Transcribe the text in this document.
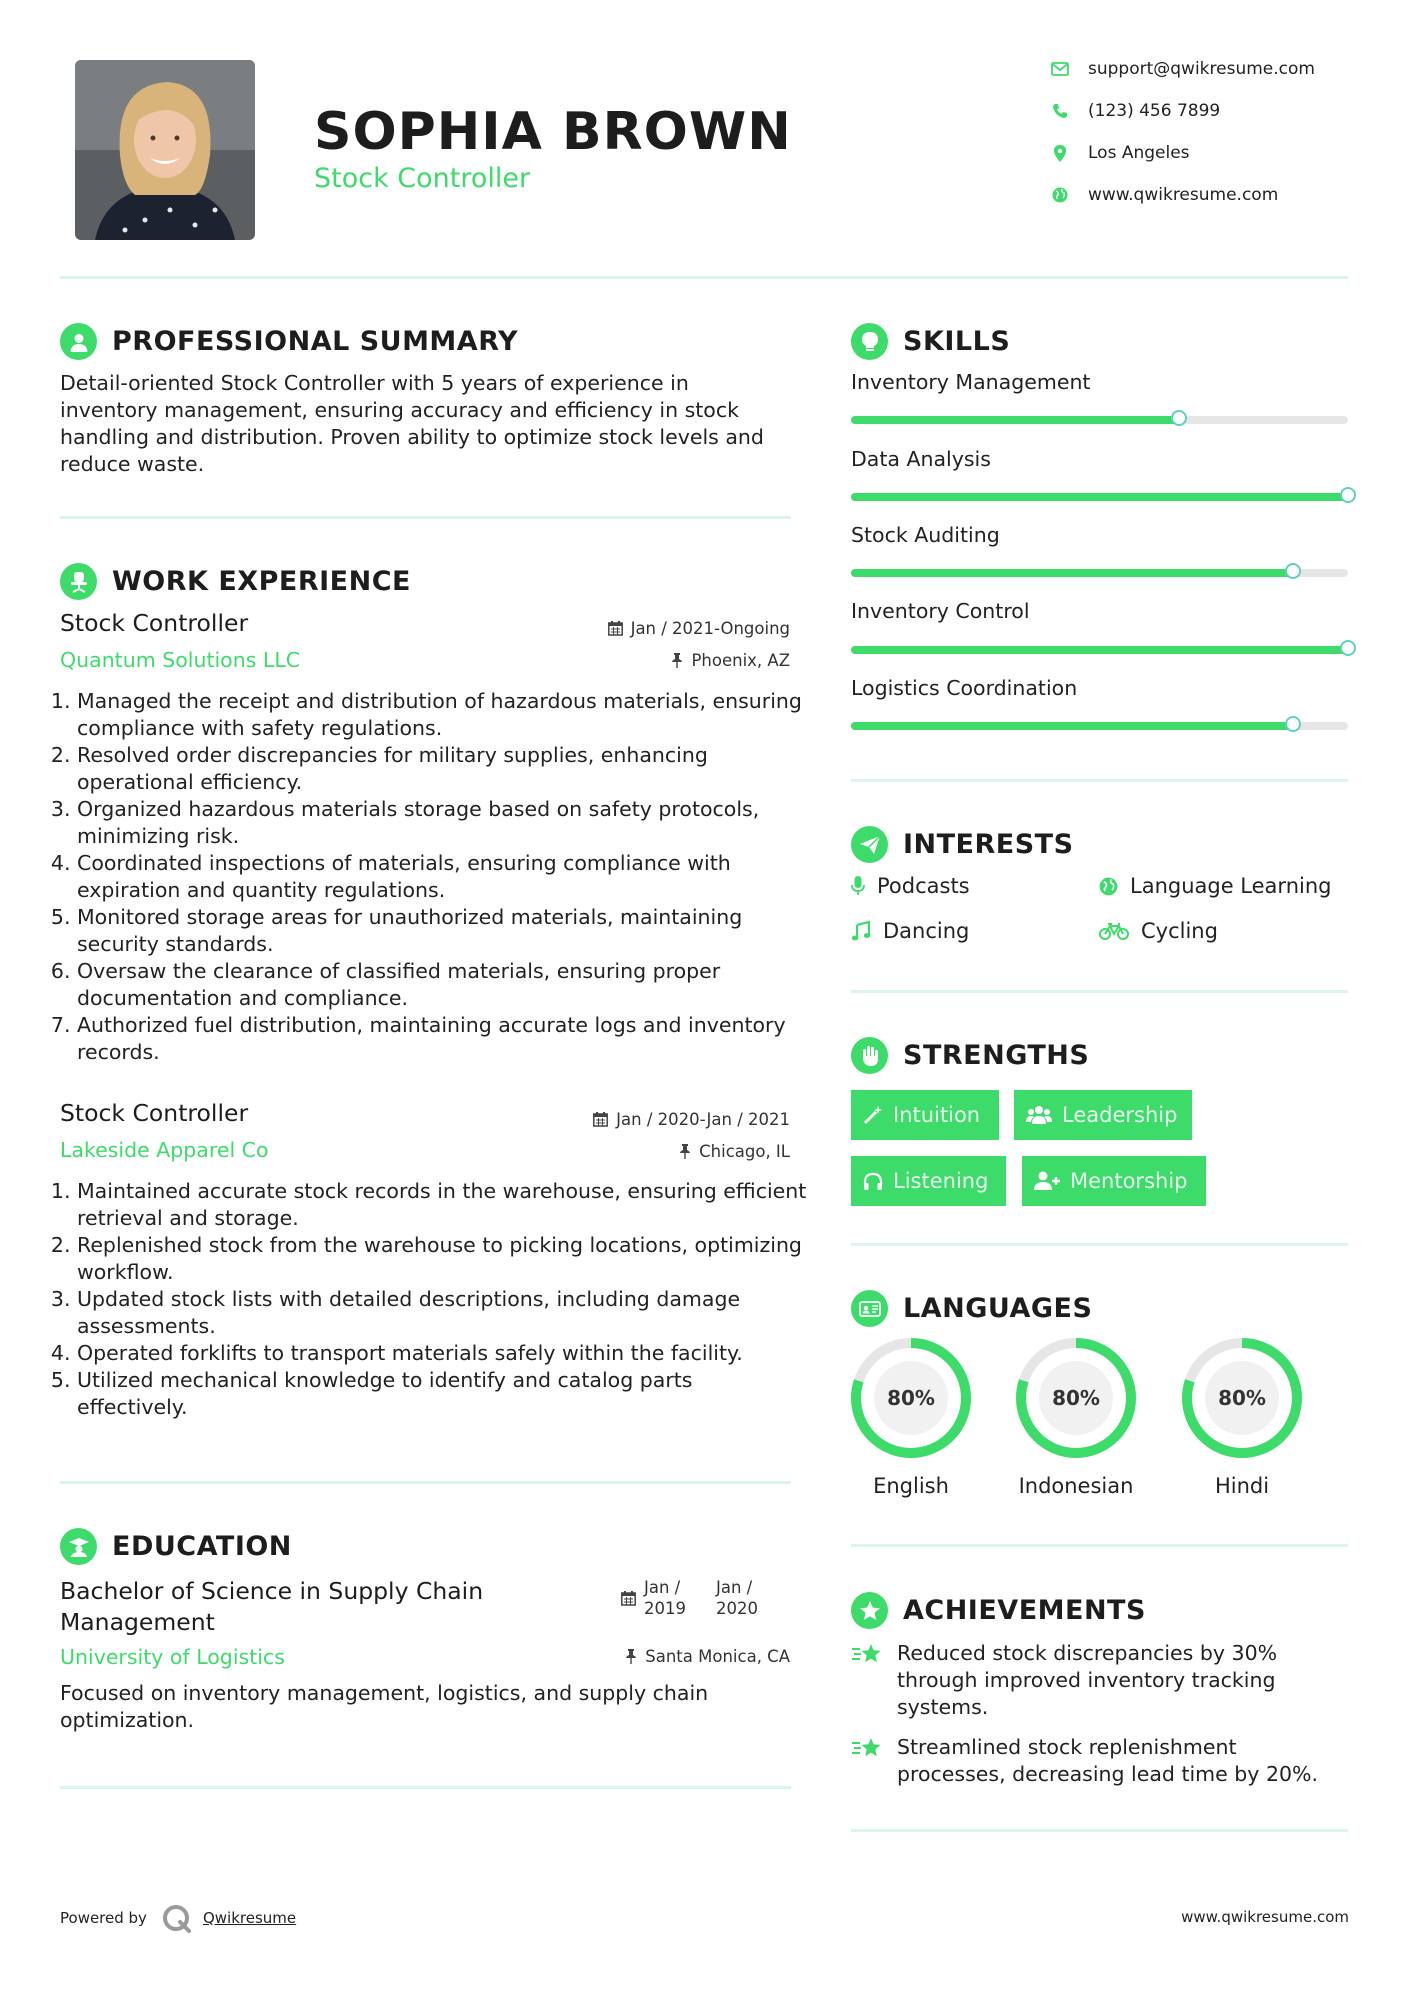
SOPHIA BROWN
Stock Controller
support@qwikresume.com
(123) 456 7899
Los Angeles
www.qwikresume.com
PROFESSIONAL SUMMARY
Detail-oriented Stock Controller with 5 years of experience in inventory management, ensuring accuracy and efficiency in stock handling and distribution. Proven ability to optimize stock levels and reduce waste.
WORK EXPERIENCE
Stock Controller	Jan / 2021-Ongoing
Quantum Solutions LLC	Phoenix, AZ
1. Managed the receipt and distribution of hazardous materials, ensuring compliance with safety regulations.
2. Resolved order discrepancies for military supplies, enhancing operational efficiency.
3. Organized hazardous materials storage based on safety protocols, minimizing risk.
4. Coordinated inspections of materials, ensuring compliance with expiration and quantity regulations.
5. Monitored storage areas for unauthorized materials, maintaining security standards.
6. Oversaw the clearance of classified materials, ensuring proper documentation and compliance.
7. Authorized fuel distribution, maintaining accurate logs and inventory records.
Stock Controller	Jan / 2020-Jan / 2021
Lakeside Apparel Co	Chicago, IL
1. Maintained accurate stock records in the warehouse, ensuring efficient retrieval and storage.
2. Replenished stock from the warehouse to picking locations, optimizing workflow.
3. Updated stock lists with detailed descriptions, including damage assessments.
4. Operated forklifts to transport materials safely within the facility.
5. Utilized mechanical knowledge to identify and catalog parts effectively.
EDUCATION
Bachelor of Science in Supply Chain Management
Jan /
2019
Jan /
2020
University of Logistics	Santa Monica, CA
Focused on inventory management, logistics, and supply chain optimization.
SKILLS
Inventory Management
Data Analysis
Stock Auditing
Inventory Control
Logistics Coordination
INTERESTS
Podcasts	Language Learning
Dancing	Cycling
STRENGTHS
Intuition	Leadership
Listening	Mentorship
LANGUAGES
80%
English
80%
Indonesian
80%
Hindi
ACHIEVEMENTS
Reduced stock discrepancies by 30% through improved inventory tracking systems.
Streamlined stock replenishment processes, decreasing lead time by 20%.
Powered by	Qwikresume	www.qwikresume.com
